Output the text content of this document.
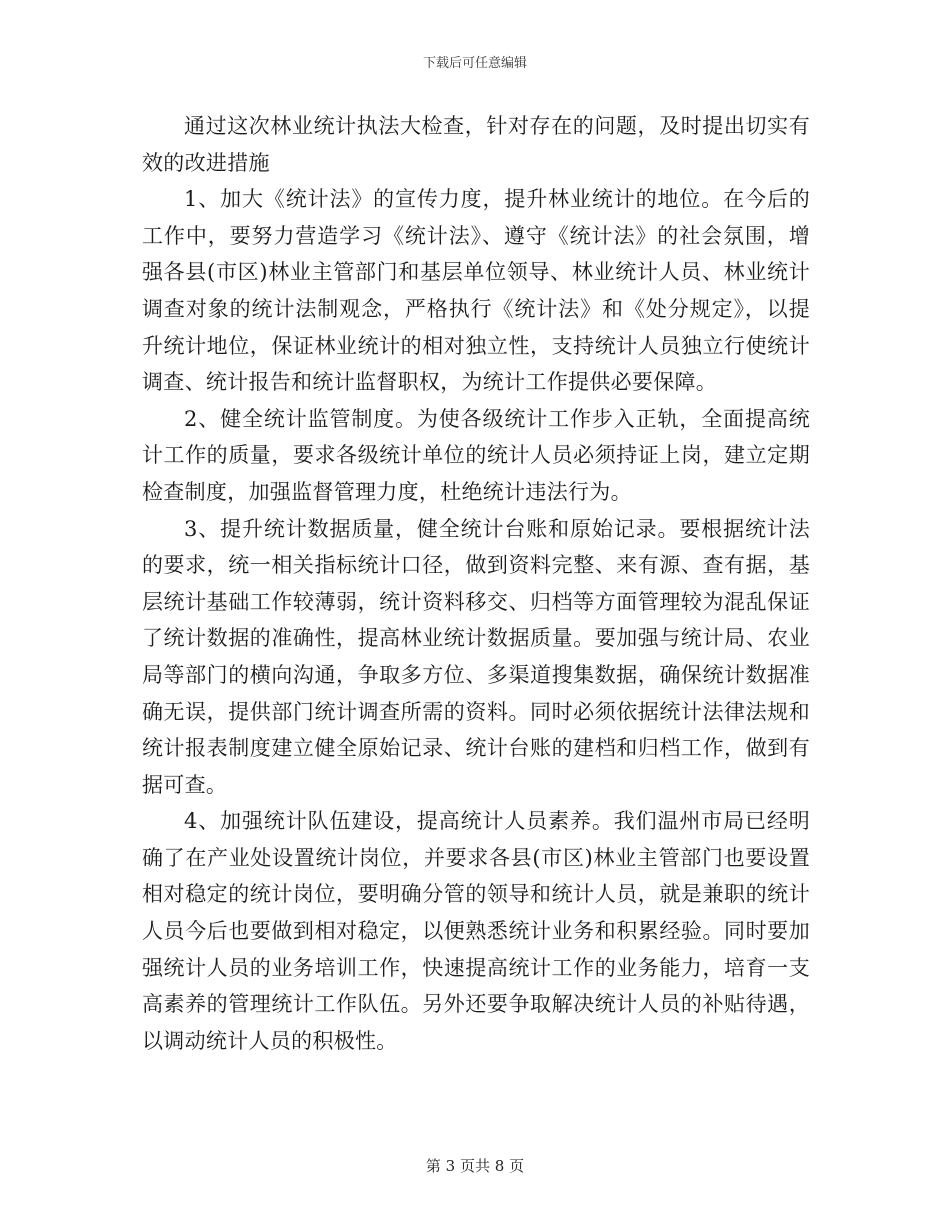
下载后可任意编辑

通过这次林业统计执法大检查，针对存在的问题，及时提出切实有效的改进措施

1、加大《统计法》的宣传力度，提升林业统计的地位。在今后的工作中，要努力营造学习《统计法》、遵守《统计法》的社会氛围，增强各县(市区)林业主管部门和基层单位领导、林业统计人员、林业统计调查对象的统计法制观念，严格执行《统计法》和《处分规定》，以提升统计地位，保证林业统计的相对独立性，支持统计人员独立行使统计调查、统计报告和统计监督职权，为统计工作提供必要保障。

2、健全统计监管制度。为使各级统计工作步入正轨，全面提高统计工作的质量，要求各级统计单位的统计人员必须持证上岗，建立定期检查制度，加强监督管理力度，杜绝统计违法行为。

3、提升统计数据质量，健全统计台账和原始记录。要根据统计法的要求，统一相关指标统计口径，做到资料完整、来有源、查有据，基层统计基础工作较薄弱，统计资料移交、归档等方面管理较为混乱保证了统计数据的准确性，提高林业统计数据质量。要加强与统计局、农业局等部门的横向沟通，争取多方位、多渠道搜集数据，确保统计数据准确无误，提供部门统计调查所需的资料。同时必须依据统计法律法规和统计报表制度建立健全原始记录、统计台账的建档和归档工作，做到有据可查。

4、加强统计队伍建设，提高统计人员素养。我们温州市局已经明确了在产业处设置统计岗位，并要求各县(市区)林业主管部门也要设置相对稳定的统计岗位，要明确分管的领导和统计人员，就是兼职的统计人员今后也要做到相对稳定，以便熟悉统计业务和积累经验。同时要加强统计人员的业务培训工作，快速提高统计工作的业务能力，培育一支高素养的管理统计工作队伍。另外还要争取解决统计人员的补贴待遇，以调动统计人员的积极性。

第 3 页共 8 页
